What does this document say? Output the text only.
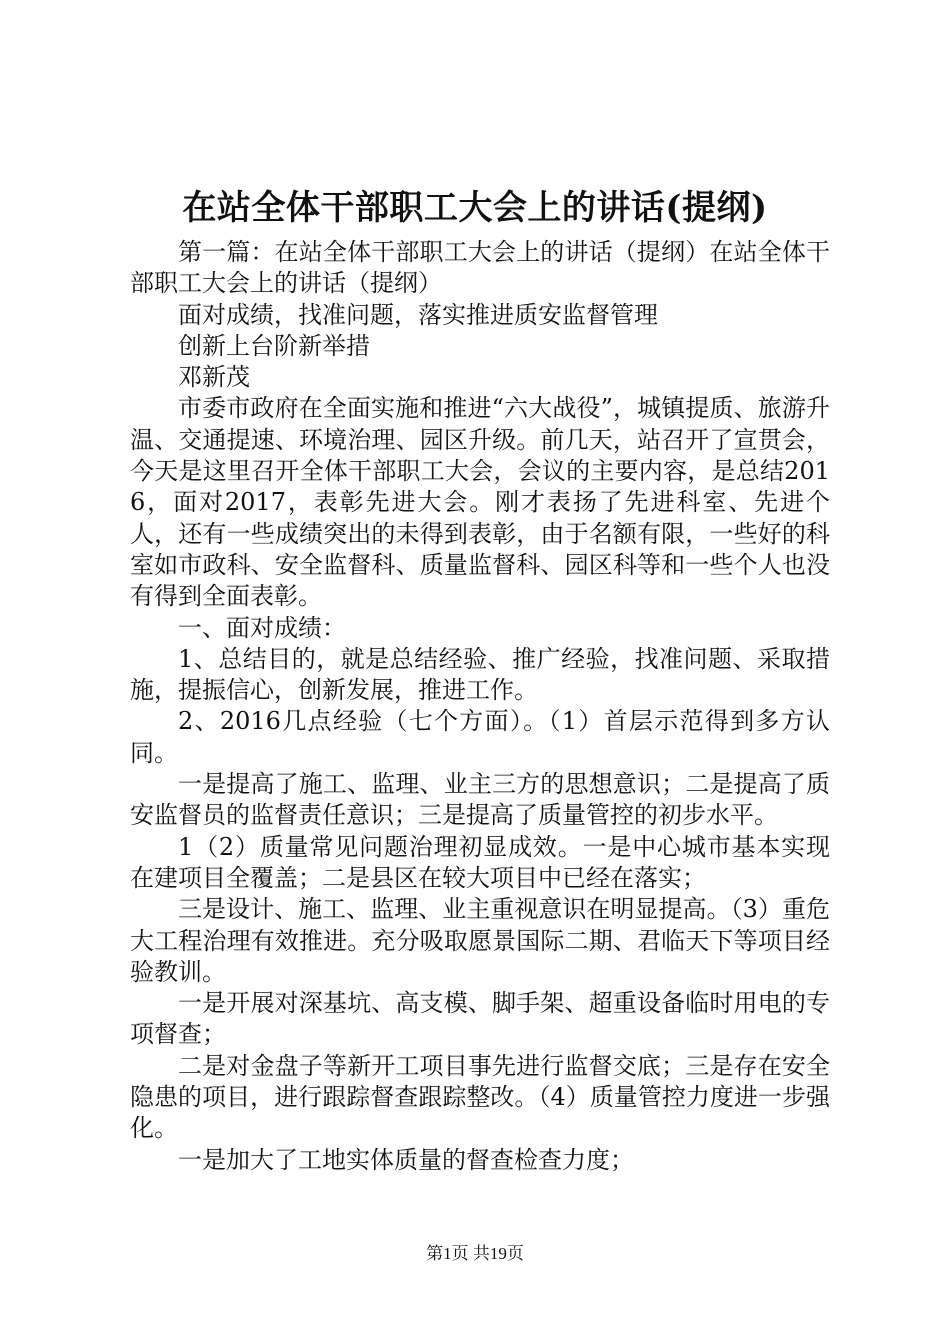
在站全体干部职工大会上的讲话(提纲)

第一篇：在站全体干部职工大会上的讲话（提纲）在站全体干部职工大会上的讲话（提纲）

面对成绩，找准问题，落实推进质安监督管理

创新上台阶新举措

邓新茂

市委市政府在全面实施和推进“六大战役”，城镇提质、旅游升温、交通提速、环境治理、园区升级。前几天，站召开了宣贯会，今天是这里召开全体干部职工大会，会议的主要内容，是总结2016，面对2017，表彰先进大会。刚才表扬了先进科室、先进个人，还有一些成绩突出的未得到表彰，由于名额有限，一些好的科室如市政科、安全监督科、质量监督科、园区科等和一些个人也没有得到全面表彰。

一、面对成绩：

1、总结目的，就是总结经验、推广经验，找准问题、采取措施，提振信心，创新发展，推进工作。

2、2016几点经验（七个方面）。（1）首层示范得到多方认同。

一是提高了施工、监理、业主三方的思想意识；二是提高了质安监督员的监督责任意识；三是提高了质量管控的初步水平。

1（2）质量常见问题治理初显成效。一是中心城市基本实现在建项目全覆盖；二是县区在较大项目中已经在落实；

三是设计、施工、监理、业主重视意识在明显提高。（3）重危大工程治理有效推进。充分吸取愿景国际二期、君临天下等项目经验教训。

一是开展对深基坑、高支模、脚手架、超重设备临时用电的专项督查；

二是对金盘子等新开工项目事先进行监督交底；三是存在安全隐患的项目，进行跟踪督查跟踪整改。（4）质量管控力度进一步强化。

一是加大了工地实体质量的督查检查力度；

第1页 共19页
